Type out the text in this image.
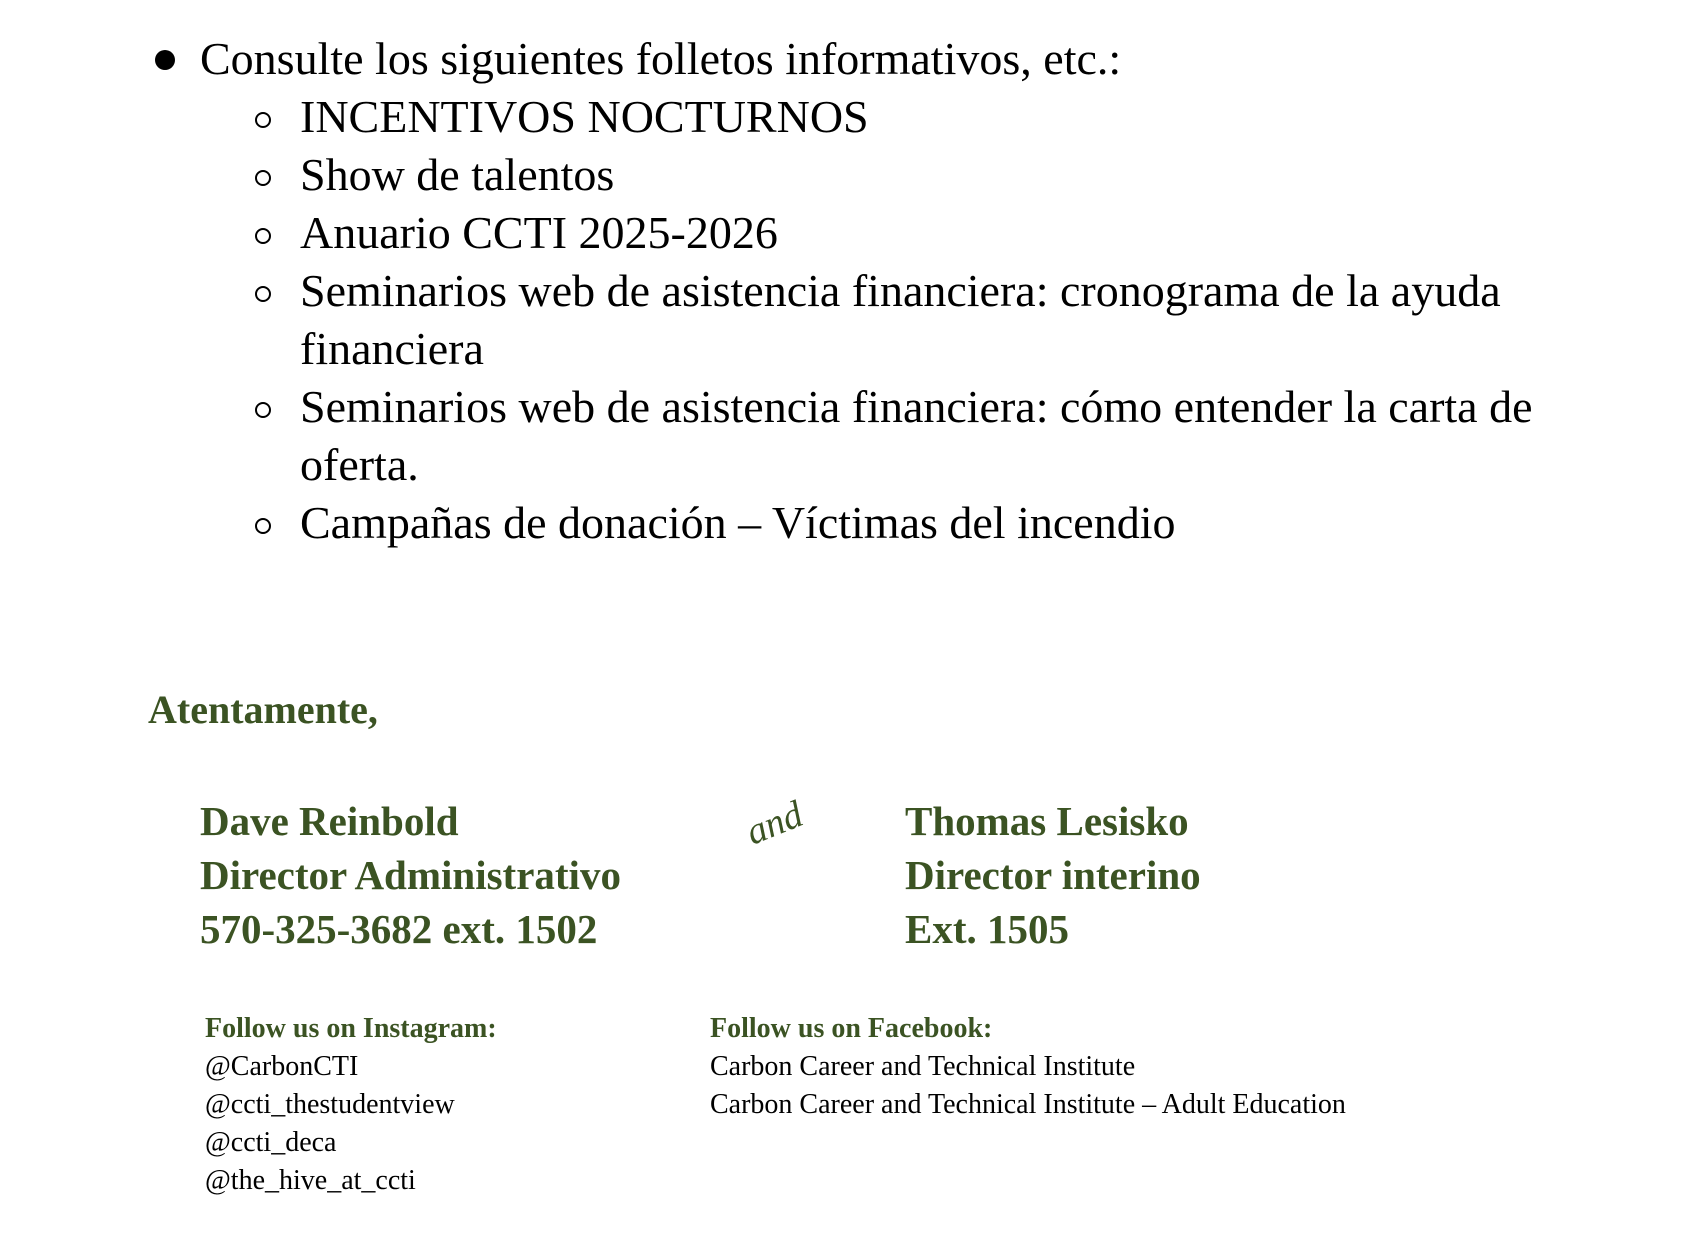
Consulte los siguientes folletos informativos, etc.:
INCENTIVOS NOCTURNOS
Show de talentos
Anuario CCTI 2025-2026
Seminarios web de asistencia financiera: cronograma de la ayuda financiera
Seminarios web de asistencia financiera: cómo entender la carta de oferta.
Campañas de donación – Víctimas del incendio
Atentamente,
Dave Reinbold
Director Administrativo
570-325-3682 ext. 1502
and Thomas Lesisko
Director interino
Ext. 1505
Follow us on Instagram:
@CarbonCTI
@ccti_thestudentview
@ccti_deca
@the_hive_at_ccti
Follow us on Facebook:
Carbon Career and Technical Institute
Carbon Career and Technical Institute – Adult Education
